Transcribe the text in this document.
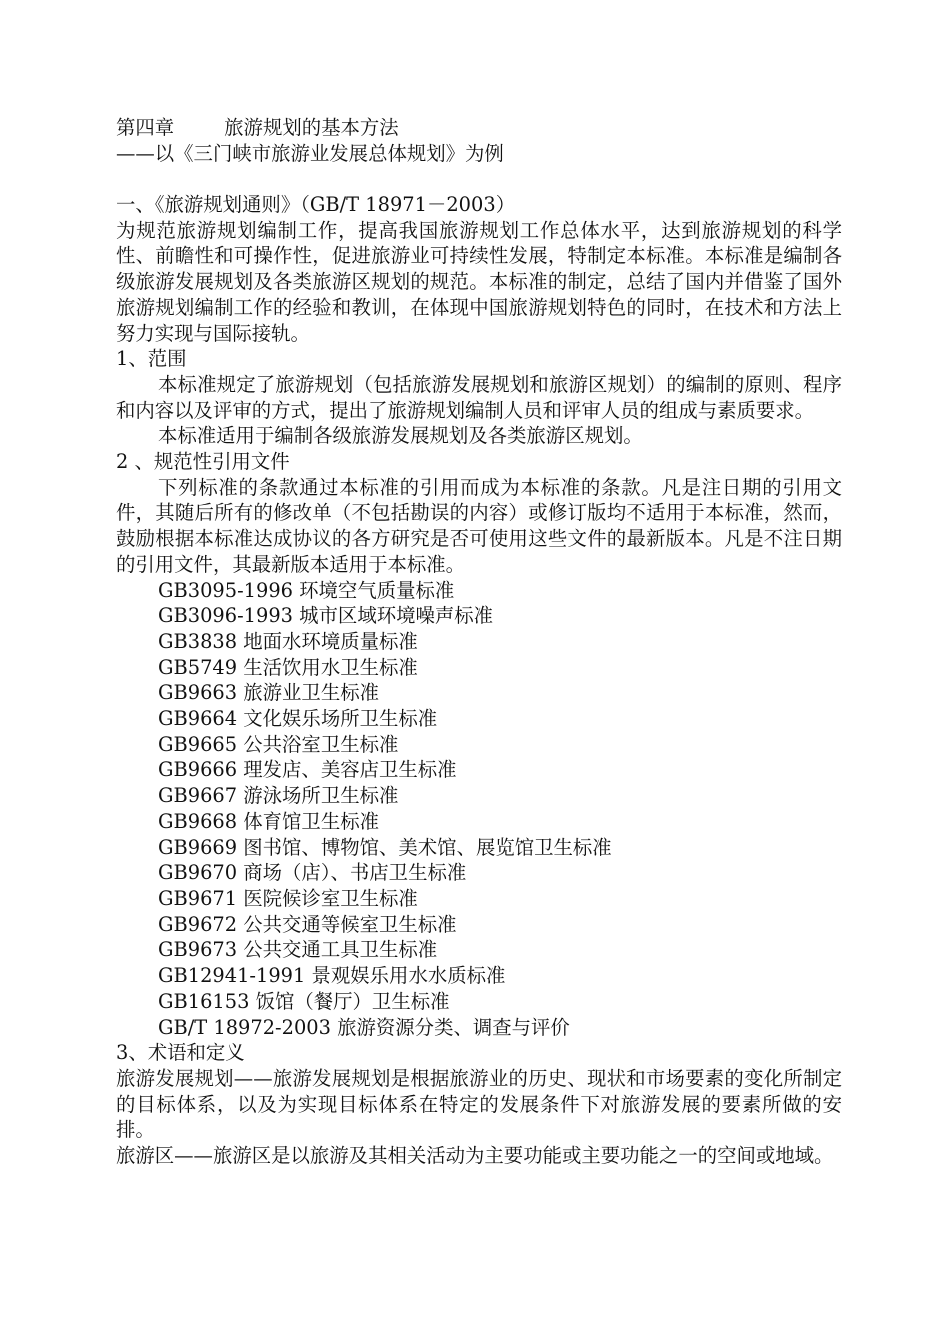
第四章	旅游规划的基本方法
——以《三门峡市旅游业发展总体规划》为例
一、《旅游规划通则》（GB/T 18971－2003）
为规范旅游规划编制工作，提高我国旅游规划工作总体水平，达到旅游规划的科学性、前瞻性和可操作性，促进旅游业可持续性发展，特制定本标准。本标准是编制各级旅游发展规划及各类旅游区规划的规范。本标准的制定，总结了国内并借鉴了国外旅游规划编制工作的经验和教训，在体现中国旅游规划特色的同时，在技术和方法上努力实现与国际接轨。
1、范围
本标准规定了旅游规划（包括旅游发展规划和旅游区规划）的编制的原则、程序和内容以及评审的方式，提出了旅游规划编制人员和评审人员的组成与素质要求。
本标准适用于编制各级旅游发展规划及各类旅游区规划。
2 、规范性引用文件
下列标准的条款通过本标准的引用而成为本标准的条款。凡是注日期的引用文件，其随后所有的修改单（不包括勘误的内容）或修订版均不适用于本标准，然而，鼓励根据本标准达成协议的各方研究是否可使用这些文件的最新版本。凡是不注日期的引用文件，其最新版本适用于本标准。
GB3095-1996 环境空气质量标准
GB3096-1993 城市区域环境噪声标准
GB3838 地面水环境质量标准
GB5749 生活饮用水卫生标准
GB9663 旅游业卫生标准
GB9664 文化娱乐场所卫生标准
GB9665 公共浴室卫生标准
GB9666 理发店、美容店卫生标准
GB9667 游泳场所卫生标准
GB9668 体育馆卫生标准
GB9669 图书馆、博物馆、美术馆、展览馆卫生标准
GB9670 商场（店）、书店卫生标准
GB9671 医院候诊室卫生标准
GB9672 公共交通等候室卫生标准
GB9673 公共交通工具卫生标准
GB12941-1991 景观娱乐用水水质标准
GB16153 饭馆（餐厅）卫生标准
GB/T 18972-2003 旅游资源分类、调查与评价
3、术语和定义
旅游发展规划——旅游发展规划是根据旅游业的历史、现状和市场要素的变化所制定的目标体系，以及为实现目标体系在特定的发展条件下对旅游发展的要素所做的安排。
旅游区——旅游区是以旅游及其相关活动为主要功能或主要功能之一的空间或地域。
